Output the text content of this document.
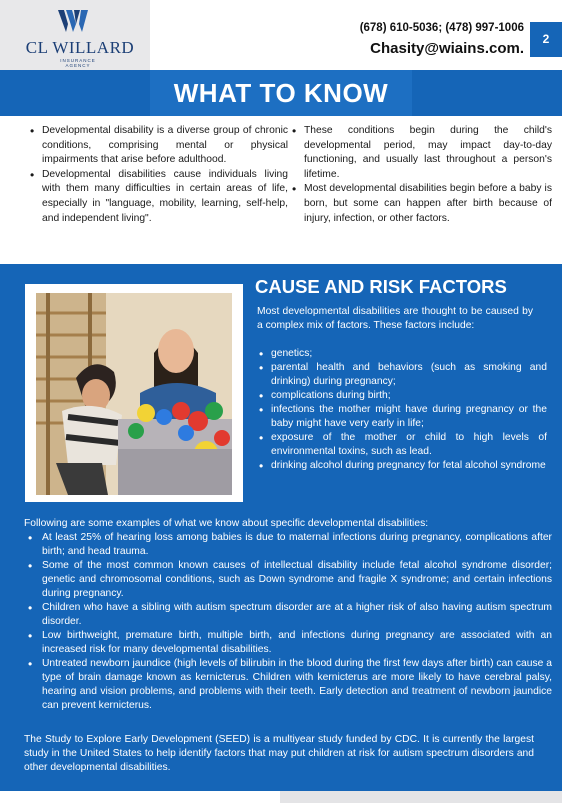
CL WILLARD
INSURANCE AGENCY
(678) 610-5036; (478) 997-1006
Chasity@wiains.com.
2
WHAT TO KNOW
• Developmental disability is a diverse group of chronic conditions, comprising mental or physical impairments that arise before adulthood.
• Developmental disabilities cause individuals living with them many difficulties in certain areas of life, especially in "language, mobility, learning, self-help, and independent living".
• These conditions begin during the child's developmental period, may impact day-to-day functioning, and usually last throughout a person's lifetime.
• Most developmental disabilities begin before a baby is born, but some can happen after birth because of injury, infection, or other factors.
CAUSE AND RISK FACTORS
Most developmental disabilities are thought to be caused by a complex mix of factors. These factors include:
• genetics;
• parental health and behaviors (such as smoking and drinking) during pregnancy;
• complications during birth;
• infections the mother might have during pregnancy or the baby might have very early in life;
• exposure of the mother or child to high levels of environmental toxins, such as lead.
• drinking alcohol during pregnancy for fetal alcohol syndrome
Following are some examples of what we know about specific developmental disabilities:
• At least 25% of hearing loss among babies is due to maternal infections during pregnancy, complications after birth; and head trauma.
• Some of the most common known causes of intellectual disability include fetal alcohol syndrome disorder; genetic and chromosomal conditions, such as Down syndrome and fragile X syndrome; and certain infections during pregnancy.
• Children who have a sibling with autism spectrum disorder are at a higher risk of also having autism spectrum disorder.
• Low birthweight, premature birth, multiple birth, and infections during pregnancy are associated with an increased risk for many developmental disabilities.
• Untreated newborn jaundice (high levels of bilirubin in the blood during the first few days after birth) can cause a type of brain damage known as kernicterus. Children with kernicterus are more likely to have cerebral palsy, hearing and vision problems, and problems with their teeth. Early detection and treatment of newborn jaundice can prevent kernicterus.
The Study to Explore Early Development (SEED) is a multiyear study funded by CDC. It is currently the largest study in the United States to help identify factors that may put children at risk for autism spectrum disorders and other developmental disabilities.
